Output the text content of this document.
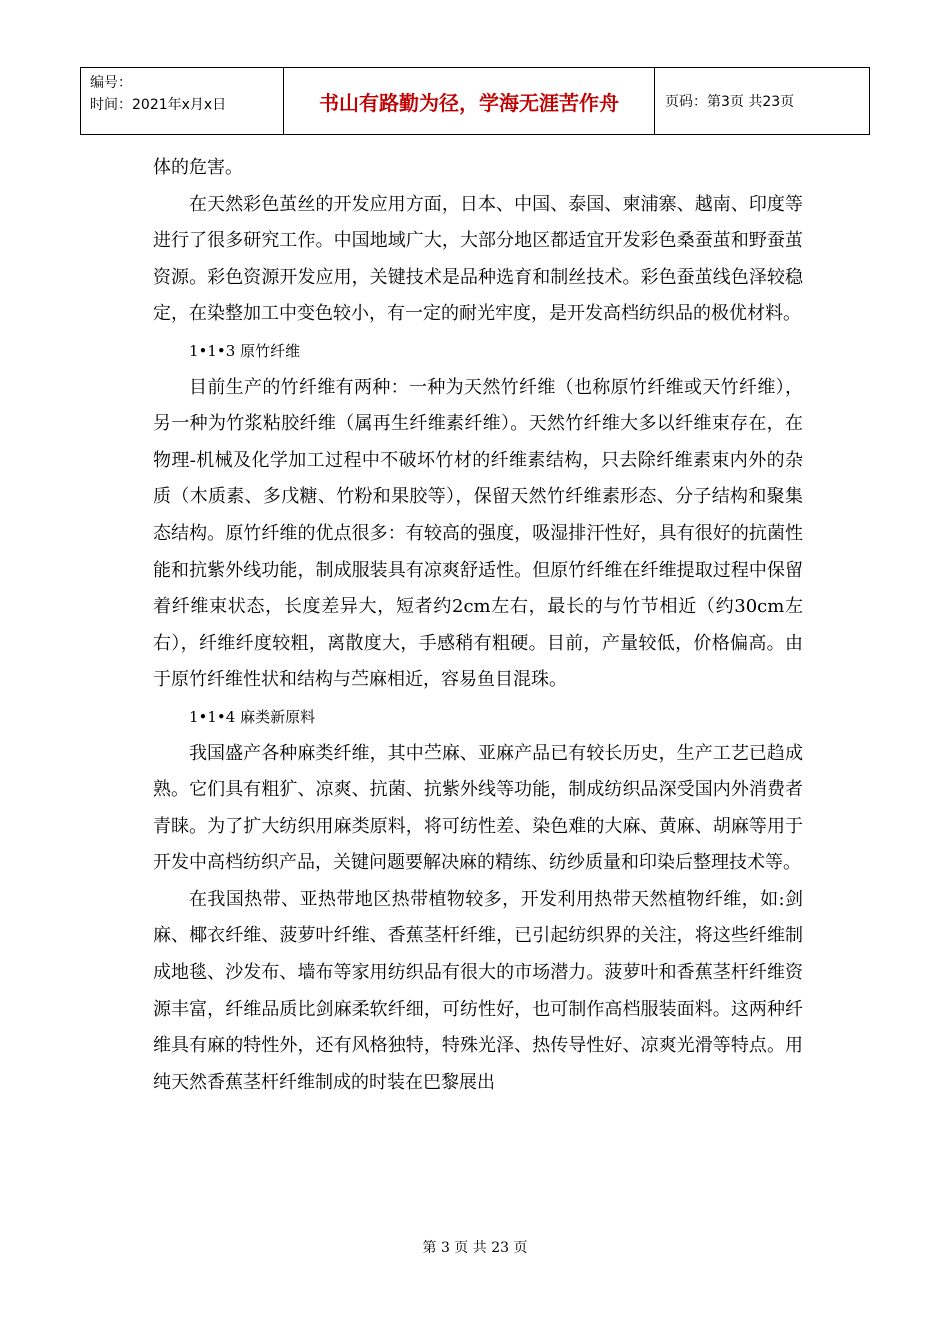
编号：
时间：2021年x月x日	书山有路勤为径，学海无涯苦作舟	页码：第3页 共23页

体的危害。

在天然彩色茧丝的开发应用方面，日本、中国、泰国、柬浦寨、越南、印度等进行了很多研究工作。中国地域广大，大部分地区都适宜开发彩色桑蚕茧和野蚕茧资源。彩色资源开发应用，关键技术是品种选育和制丝技术。彩色蚕茧线色泽较稳定，在染整加工中变色较小，有一定的耐光牢度，是开发高档纺织品的极优材料。

1•1•3 原竹纤维

目前生产的竹纤维有两种：一种为天然竹纤维（也称原竹纤维或天竹纤维），另一种为竹浆粘胶纤维（属再生纤维素纤维）。天然竹纤维大多以纤维束存在，在物理-机械及化学加工过程中不破坏竹材的纤维素结构，只去除纤维素束内外的杂质（木质素、多戊糖、竹粉和果胶等），保留天然竹纤维素形态、分子结构和聚集态结构。原竹纤维的优点很多：有较高的强度，吸湿排汗性好，具有很好的抗菌性能和抗紫外线功能，制成服装具有凉爽舒适性。但原竹纤维在纤维提取过程中保留着纤维束状态，长度差异大，短者约2cm左右，最长的与竹节相近（约30cm左右），纤维纤度较粗，离散度大，手感稍有粗硬。目前，产量较低，价格偏高。由于原竹纤维性状和结构与苎麻相近，容易鱼目混珠。

1•1•4 麻类新原料

我国盛产各种麻类纤维，其中苎麻、亚麻产品已有较长历史，生产工艺已趋成熟。它们具有粗犷、凉爽、抗菌、抗紫外线等功能，制成纺织品深受国内外消费者青睐。为了扩大纺织用麻类原料，将可纺性差、染色难的大麻、黄麻、胡麻等用于开发中高档纺织产品，关键问题要解决麻的精练、纺纱质量和印染后整理技术等。

在我国热带、亚热带地区热带植物较多，开发利用热带天然植物纤维，如:剑麻、椰衣纤维、菠萝叶纤维、香蕉茎杆纤维，已引起纺织界的关注，将这些纤维制成地毯、沙发布、墙布等家用纺织品有很大的市场潜力。菠萝叶和香蕉茎杆纤维资源丰富，纤维品质比剑麻柔软纤细，可纺性好，也可制作高档服装面料。这两种纤维具有麻的特性外，还有风格独特，特殊光泽、热传导性好、凉爽光滑等特点。用纯天然香蕉茎杆纤维制成的时装在巴黎展出

第 3 页 共 23 页
